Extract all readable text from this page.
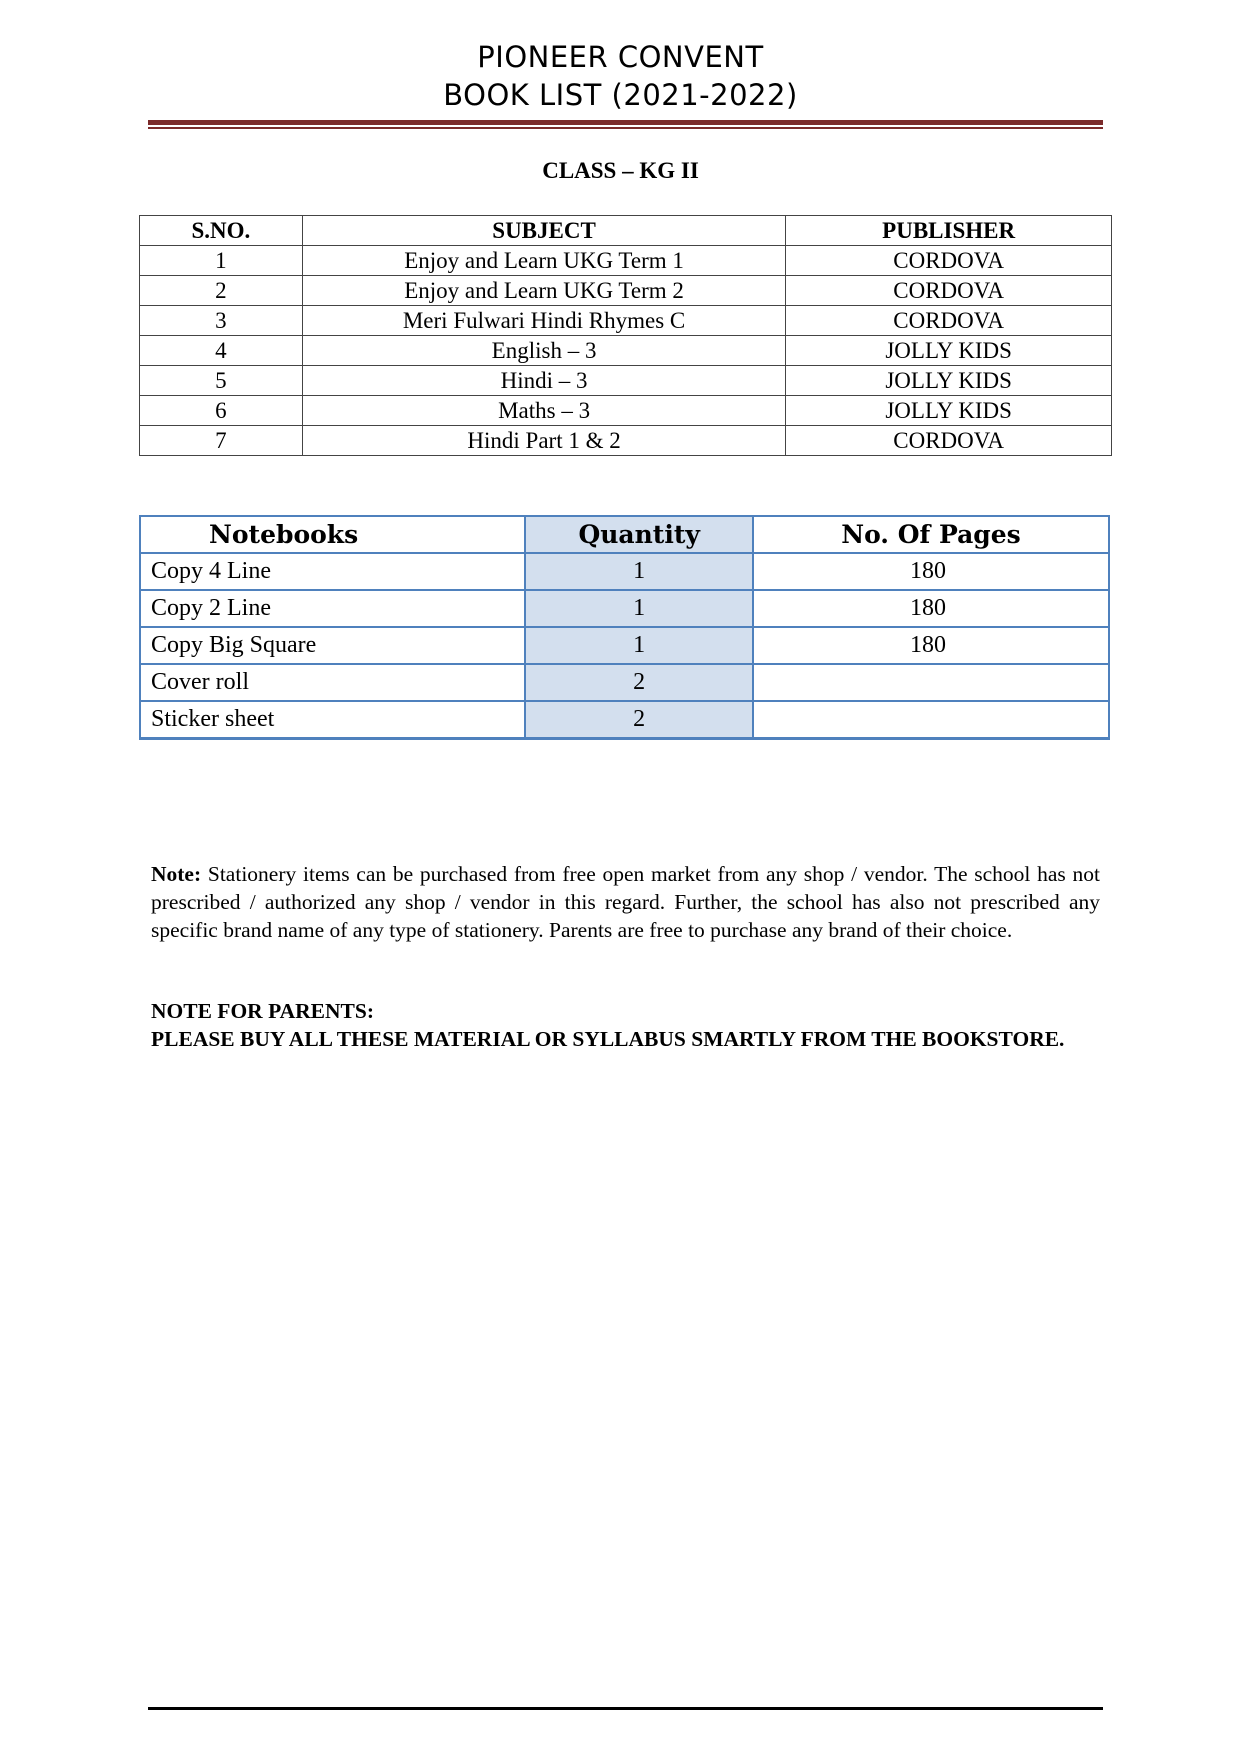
PIONEER CONVENT
BOOK LIST (2021-2022)
CLASS – KG II
S.NO.	SUBJECT	PUBLISHER
1	Enjoy and Learn UKG Term 1	CORDOVA
2	Enjoy and Learn UKG Term 2	CORDOVA
3	Meri Fulwari Hindi Rhymes C	CORDOVA
4	English – 3	JOLLY KIDS
5	Hindi – 3	JOLLY KIDS
6	Maths – 3	JOLLY KIDS
7	Hindi Part 1 & 2	CORDOVA
Notebooks	Quantity	No. Of Pages
Copy 4 Line	1	180
Copy 2 Line	1	180
Copy Big Square	1	180
Cover roll	2	
Sticker sheet	2	
Note: Stationery items can be purchased from free open market from any shop / vendor. The school has not prescribed / authorized any shop / vendor in this regard. Further, the school has also not prescribed any specific brand name of any type of stationery. Parents are free to purchase any brand of their choice.
NOTE FOR PARENTS:
PLEASE BUY ALL THESE MATERIAL OR SYLLABUS SMARTLY FROM THE BOOKSTORE.
